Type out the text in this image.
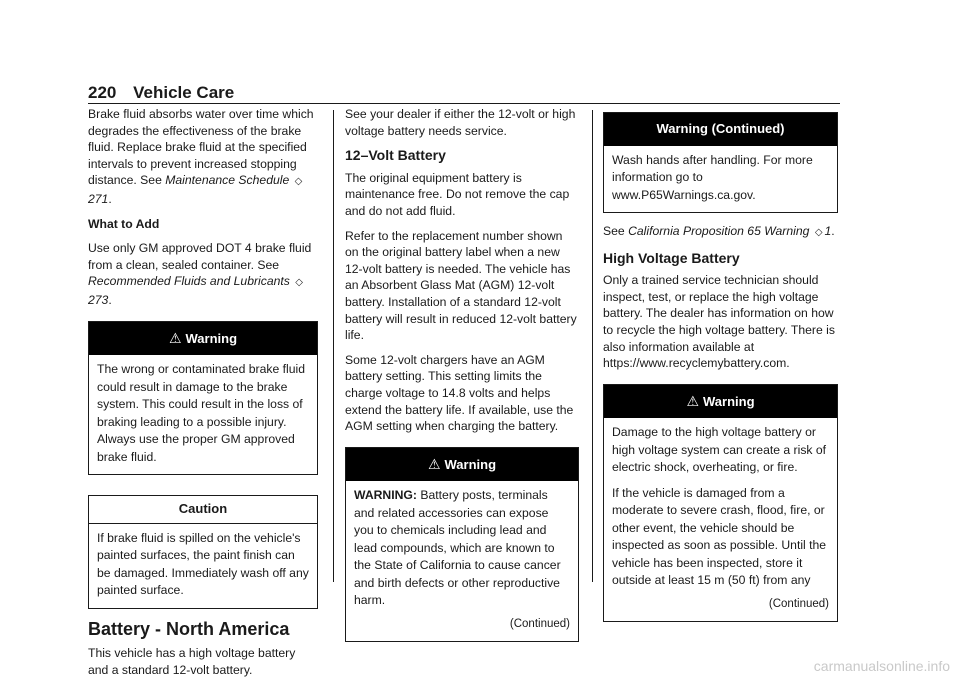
220 Vehicle Care

Brake fluid absorbs water over time which degrades the effectiveness of the brake fluid. Replace brake fluid at the specified intervals to prevent increased stopping distance. See Maintenance Schedule ◇271.

What to Add

Use only GM approved DOT 4 brake fluid from a clean, sealed container. See Recommended Fluids and Lubricants ◇273.

⚠ Warning

The wrong or contaminated brake fluid could result in damage to the brake system. This could result in the loss of braking leading to a possible injury. Always use the proper GM approved brake fluid.

Caution

If brake fluid is spilled on the vehicle's painted surfaces, the paint finish can be damaged. Immediately wash off any painted surface.

Battery - North America

This vehicle has a high voltage battery and a standard 12-volt battery.

See your dealer if either the 12-volt or high voltage battery needs service.

12–Volt Battery

The original equipment battery is maintenance free. Do not remove the cap and do not add fluid.

Refer to the replacement number shown on the original battery label when a new 12-volt battery is needed. The vehicle has an Absorbent Glass Mat (AGM) 12-volt battery. Installation of a standard 12-volt battery will result in reduced 12-volt battery life.

Some 12-volt chargers have an AGM battery setting. This setting limits the charge voltage to 14.8 volts and helps extend the battery life. If available, use the AGM setting when charging the battery.

⚠ Warning

WARNING: Battery posts, terminals and related accessories can expose you to chemicals including lead and lead compounds, which are known to the State of California to cause cancer and birth defects or other reproductive harm.

(Continued)
Warning (Continued)

Wash hands after handling. For more information go to www.P65Warnings.ca.gov.

See California Proposition 65 Warning ◇ 1.

High Voltage Battery

Only a trained service technician should inspect, test, or replace the high voltage battery. The dealer has information on how to recycle the high voltage battery. There is also information available at https://www.recyclemybattery.com.

⚠ Warning

Damage to the high voltage battery or high voltage system can create a risk of electric shock, overheating, or fire.

If the vehicle is damaged from a moderate to severe crash, flood, fire, or other event, the vehicle should be inspected as soon as possible. Until the vehicle has been inspected, store it outside at least 15 m (50 ft) from any

(Continued)
carmanualsonline.info
